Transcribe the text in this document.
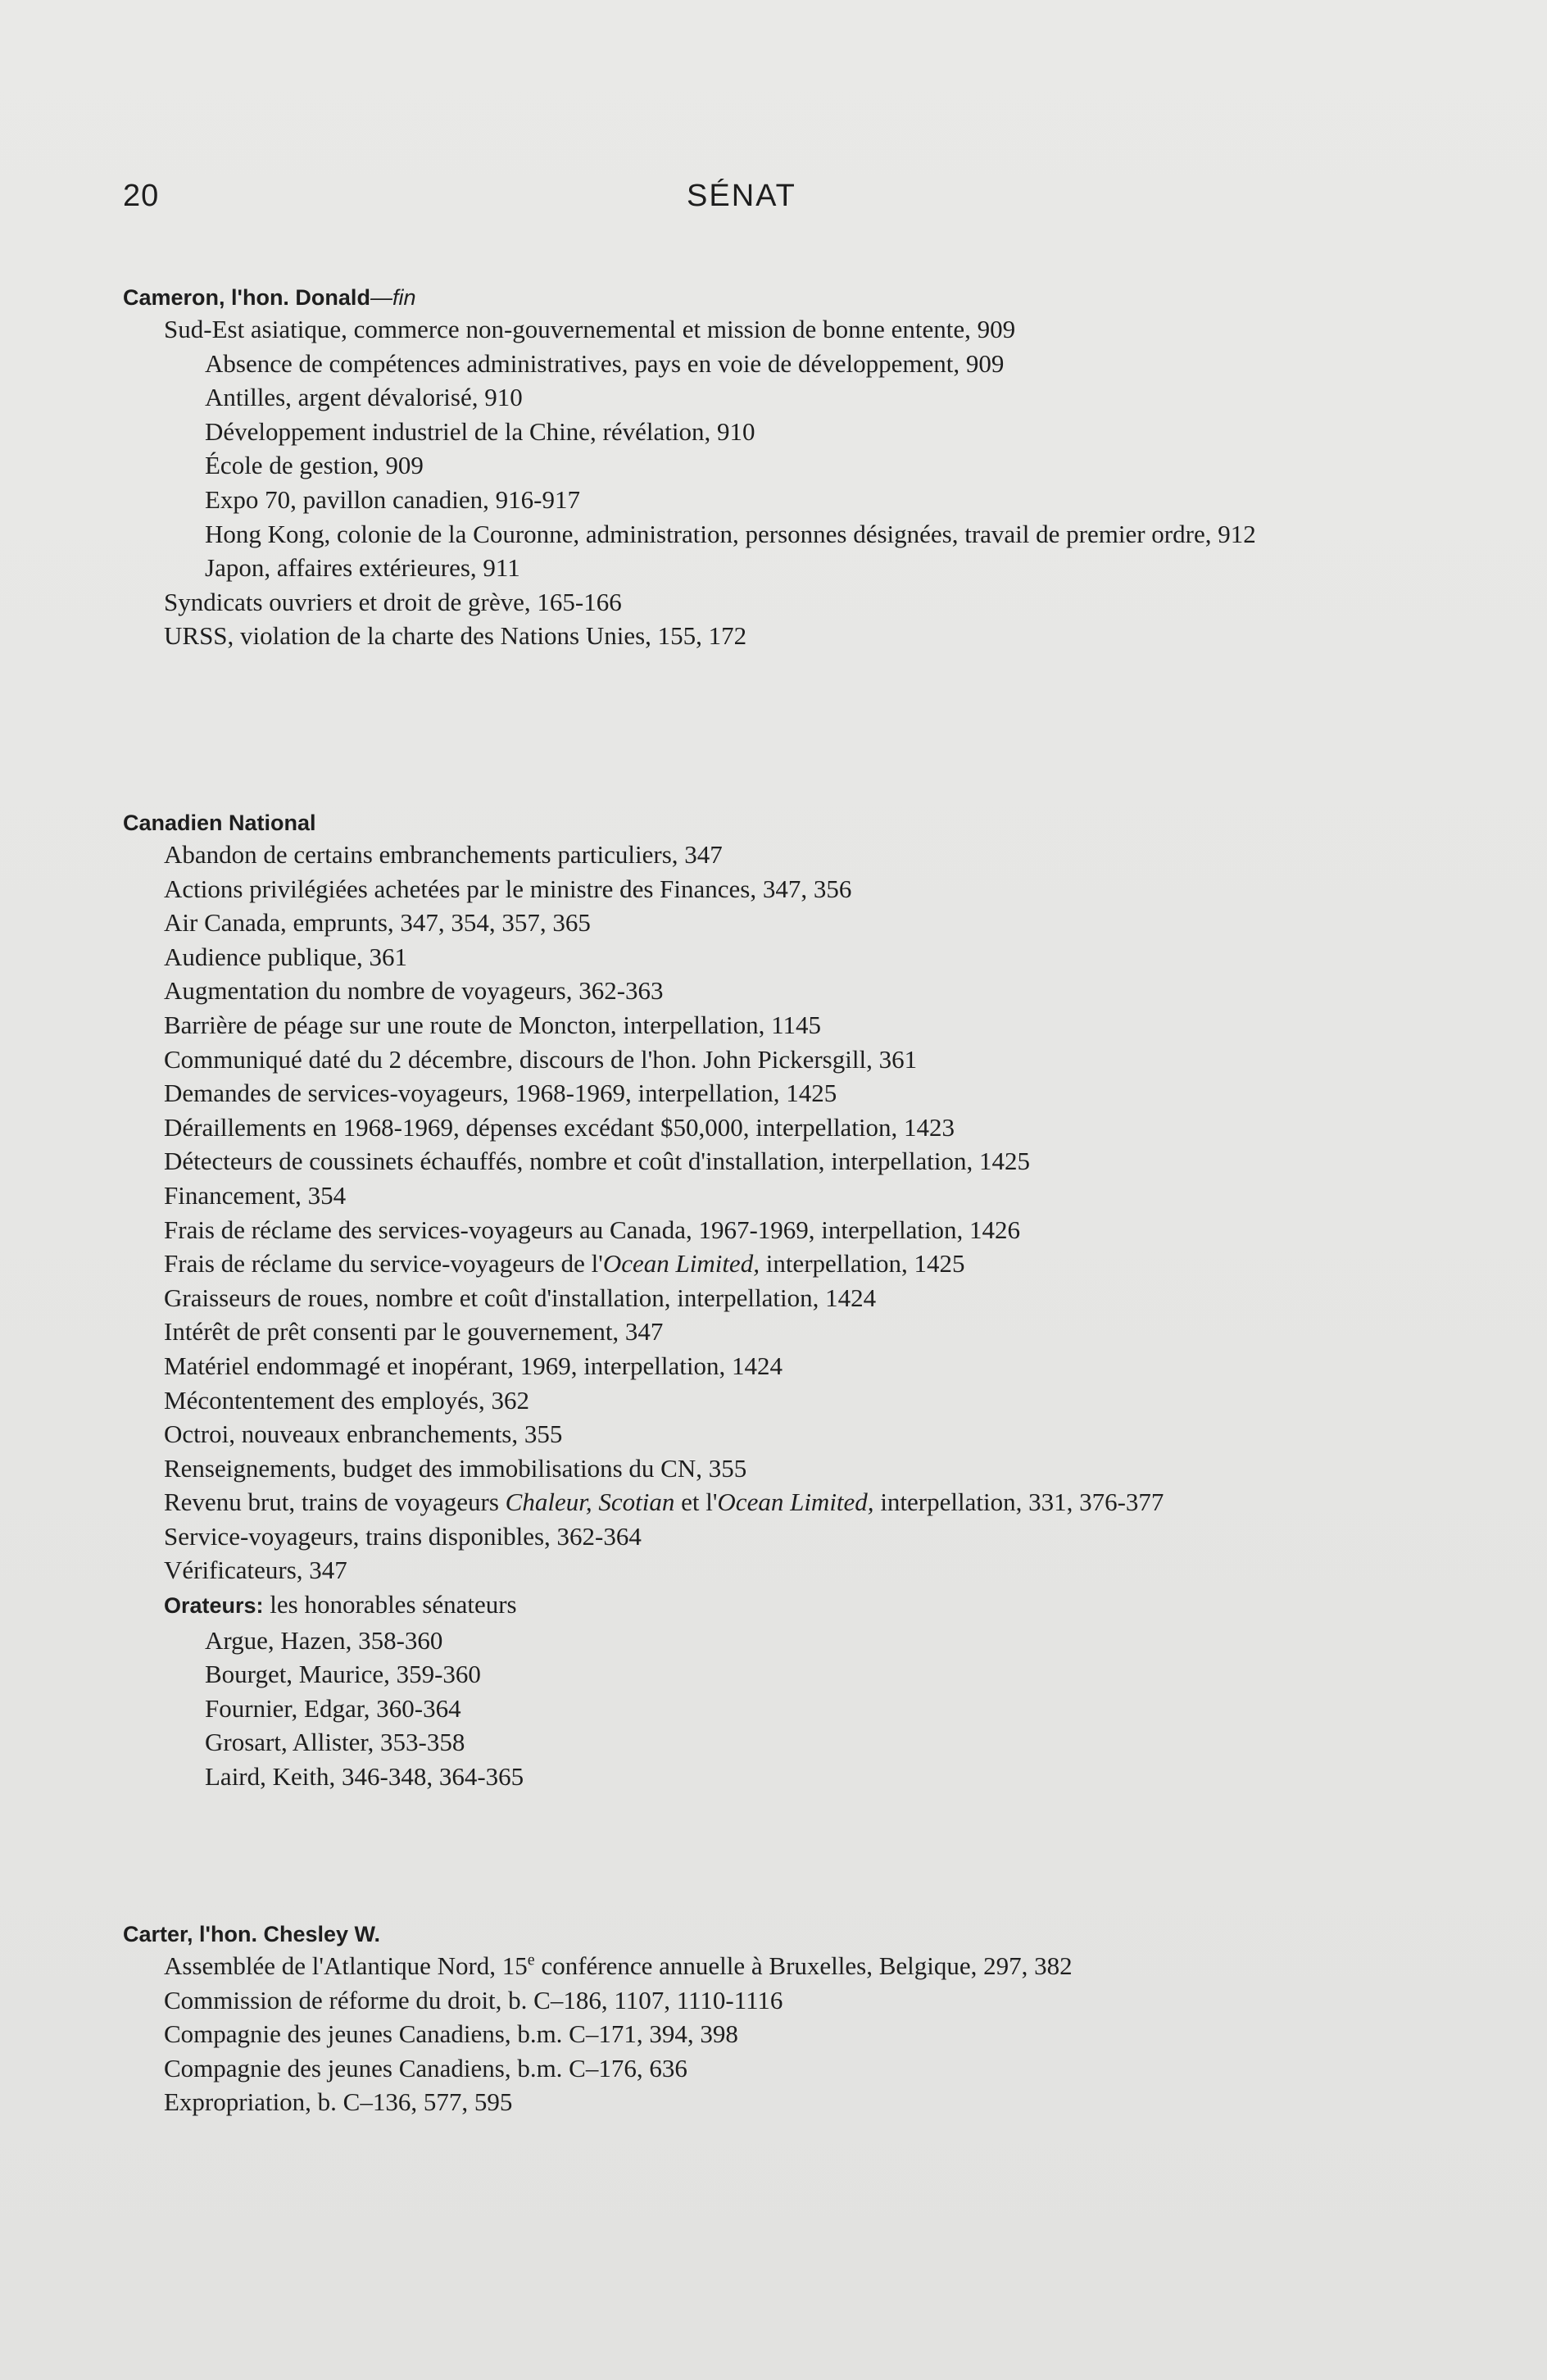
20	SÉNAT

Cameron, l'hon. Donald—fin

Sud-Est asiatique, commerce non-gouvernemental et mission de bonne entente, 909
Absence de compétences administratives, pays en voie de développement, 909
Antilles, argent dévalorisé, 910
Développement industriel de la Chine, révélation, 910
École de gestion, 909
Expo 70, pavillon canadien, 916-917
Hong Kong, colonie de la Couronne, administration, personnes désignées, travail de premier ordre, 912
Japon, affaires extérieures, 911
Syndicats ouvriers et droit de grève, 165-166
URSS, violation de la charte des Nations Unies, 155, 172

Canadien National

Abandon de certains embranchements particuliers, 347
Actions privilégiées achetées par le ministre des Finances, 347, 356
Air Canada, emprunts, 347, 354, 357, 365
Audience publique, 361
Augmentation du nombre de voyageurs, 362-363
Barrière de péage sur une route de Moncton, interpellation, 1145
Communiqué daté du 2 décembre, discours de l'hon. John Pickersgill, 361
Demandes de services-voyageurs, 1968-1969, interpellation, 1425
Déraillements en 1968-1969, dépenses excédant $50,000, interpellation, 1423
Détecteurs de coussinets échauffés, nombre et coût d'installation, interpellation, 1425
Financement, 354
Frais de réclame des services-voyageurs au Canada, 1967-1969, interpellation, 1426
Frais de réclame du service-voyageurs de l'Ocean Limited, interpellation, 1425
Graisseurs de roues, nombre et coût d'installation, interpellation, 1424
Intérêt de prêt consenti par le gouvernement, 347
Matériel endommagé et inopérant, 1969, interpellation, 1424
Mécontentement des employés, 362
Octroi, nouveaux enbranchements, 355
Renseignements, budget des immobilisations du CN, 355
Revenu brut, trains de voyageurs Chaleur, Scotian et l'Ocean Limited, interpellation, 331, 376-377
Service-voyageurs, trains disponibles, 362-364
Vérificateurs, 347
Orateurs: les honorables sénateurs
Argue, Hazen, 358-360
Bourget, Maurice, 359-360
Fournier, Edgar, 360-364
Grosart, Allister, 353-358
Laird, Keith, 346-348, 364-365

Carter, l'hon. Chesley W.

Assemblée de l'Atlantique Nord, 15e conférence annuelle à Bruxelles, Belgique, 297, 382
Commission de réforme du droit, b. C–186, 1107, 1110-1116
Compagnie des jeunes Canadiens, b.m. C–171, 394, 398
Compagnie des jeunes Canadiens, b.m. C–176, 636
Expropriation, b. C–136, 577, 595
